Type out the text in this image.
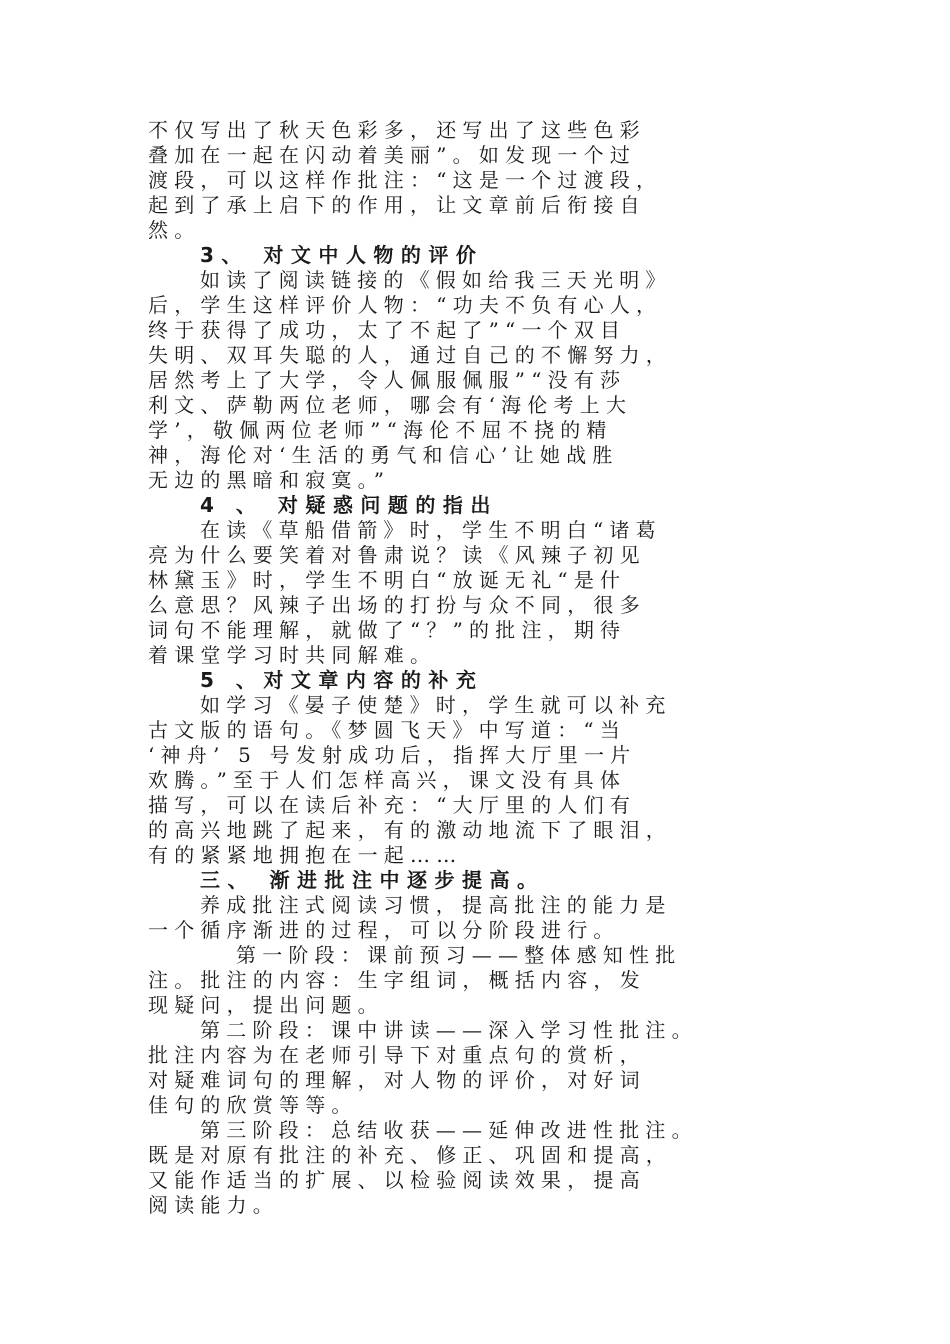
不仅写出了秋天色彩多，还写出了这些色彩
叠加在一起在闪动着美丽”。如发现一个过
渡段，可以这样作批注：“这是一个过渡段，
起到了承上启下的作用，让文章前后衔接自
然。
3、 对文中人物的评价
如读了阅读链接的《假如给我三天光明》
后，学生这样评价人物：“功夫不负有心人，
终于获得了成功，太了不起了”“一个双目
失明、双耳失聪的人，通过自己的不懈努力，
居然考上了大学，令人佩服佩服”“没有莎
利文、萨勒两位老师，哪会有‘海伦考上大
学’，敬佩两位老师”“海伦不屈不挠的精
神，海伦对‘生活的勇气和信心’让她战胜
无边的黑暗和寂寞。”
4 、 对疑惑问题的指出
在读《草船借箭》时，学生不明白“诸葛
亮为什么要笑着对鲁肃说？读《风辣子初见
林黛玉》时，学生不明白“放诞无礼“是什
么意思？风辣子出场的打扮与众不同，很多
词句不能理解，就做了“？”的批注，期待
着课堂学习时共同解难。
5 、对文章内容的补充
如学习《晏子使楚》时，学生就可以补充
古文版的语句。《梦圆飞天》中写道：“当
‘神舟’ 5 号发射成功后，指挥大厅里一片
欢腾。”至于人们怎样高兴，课文没有具体
描写，可以在读后补充：“大厅里的人们有
的高兴地跳了起来，有的激动地流下了眼泪，
有的紧紧地拥抱在一起……
三、 渐进批注中逐步提高。
养成批注式阅读习惯，提高批注的能力是
一个循序渐进的过程，可以分阶段进行。
第一阶段：课前预习——整体感知性批
注。批注的内容：生字组词，概括内容，发
现疑问，提出问题。
第二阶段：课中讲读——深入学习性批注。
批注内容为在老师引导下对重点句的赏析，
对疑难词句的理解，对人物的评价，对好词
佳句的欣赏等等。
第三阶段：总结收获——延伸改进性批注。
既是对原有批注的补充、修正、巩固和提高，
又能作适当的扩展、以检验阅读效果，提高
阅读能力。
